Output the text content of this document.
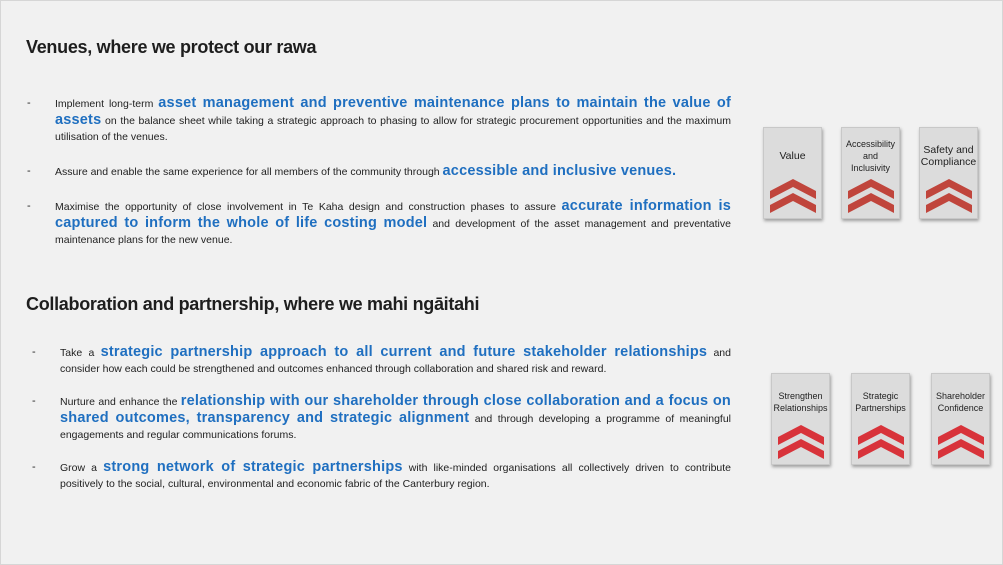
Venues, where we protect our rawa
- Implement long-term asset management and preventive maintenance plans to maintain the value of assets on the balance sheet while taking a strategic approach to phasing to allow for strategic procurement opportunities and the maximum utilisation of the venues.
- Assure and enable the same experience for all members of the community through accessible and inclusive venues.
- Maximise the opportunity of close involvement in Te Kaha design and construction phases to assure accurate information is captured to inform the whole of life costing model and development of the asset management and preventative maintenance plans for the new venue.
Value
Accessibility and Inclusivity
Safety and Compliance
Collaboration and partnership, where we mahi ngāitahi
- Take a strategic partnership approach to all current and future stakeholder relationships and consider how each could be strengthened and outcomes enhanced through collaboration and shared risk and reward.
- Nurture and enhance the relationship with our shareholder through close collaboration and a focus on shared outcomes, transparency and strategic alignment and through developing a programme of meaningful engagements and regular communications forums.
- Grow a strong network of strategic partnerships with like-minded organisations all collectively driven to contribute positively to the social, cultural, environmental and economic fabric of the Canterbury region.
Strengthen Relationships
Strategic Partnerships
Shareholder Confidence
